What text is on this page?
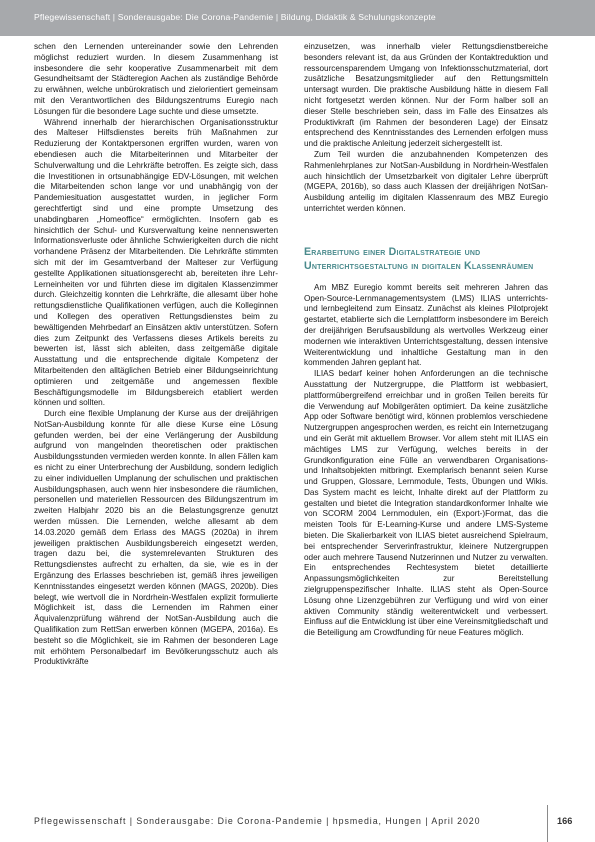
Pflegewissenschaft | Sonderausgabe: Die Corona-Pandemie | Bildung, Didaktik & Schulungskonzepte

schen den Lernenden untereinander sowie den Lehrenden möglichst reduziert wurden. In diesem Zusammenhang ist insbesondere die sehr kooperative Zusammenarbeit mit dem Gesundheitsamt der Städteregion Aachen als zuständige Behörde zu erwähnen, welche unbürokratisch und zielorientiert gemeinsam mit den Verantwortlichen des Bildungszentrums Euregio nach Lösungen für die besondere Lage suchte und diese umsetzte.

Während innerhalb der hierarchischen Organisationsstruktur des Malteser Hilfsdienstes bereits früh Maßnahmen zur Reduzierung der Kontaktpersonen ergriffen wurden, waren von ebendiesen auch die Mitarbeiterinnen und Mitarbeiter der Schulverwaltung und die Lehrkräfte betroffen. Es zeigte sich, dass die Investitionen in ortsunabhängige EDV-Lösungen, mit welchen die Mitarbeitenden schon lange vor und unabhängig von der Pandemiesituation ausgestattet wurden, in jeglicher Form gerechtfertigt sind und eine prompte Umsetzung des unabdingbaren „Homeoffice“ ermöglichten. Insofern gab es hinsichtlich der Schul- und Kursverwaltung keine nennenswerten Informationsverluste oder ähnliche Schwierigkeiten durch die nicht vorhandene Präsenz der Mitarbeitenden. Die Lehrkräfte stimmten sich mit der im Gesamtverband der Malteser zur Verfügung gestellte Applikationen situationsgerecht ab, bereiteten ihre Lehr-Lerneinheiten vor und führten diese im digitalen Klassenzimmer durch. Gleichzeitig konnten die Lehrkräfte, die allesamt über hohe rettungsdienstliche Qualifikationen verfügen, auch die Kolleginnen und Kollegen des operativen Rettungsdienstes beim zu bewältigenden Mehrbedarf an Einsätzen aktiv unterstützen. Sofern dies zum Zeitpunkt des Verfassens dieses Artikels bereits zu bewerten ist, lässt sich ableiten, dass zeitgemäße digitale Ausstattung und die entsprechende digitale Kompetenz der Mitarbeitenden den alltäglichen Betrieb einer Bildungseinrichtung optimieren und zeitgemäße und angemessen flexible Beschäftigungsmodelle im Bildungsbereich etabliert werden können und sollten.

Durch eine flexible Umplanung der Kurse aus der dreijährigen NotSan-Ausbildung konnte für alle diese Kurse eine Lösung gefunden werden, bei der eine Verlängerung der Ausbildung aufgrund von mangelnden theoretischen oder praktischen Ausbildungsstunden vermieden werden konnte. In allen Fällen kam es nicht zu einer Unterbrechung der Ausbildung, sondern lediglich zu einer individuellen Umplanung der schulischen und praktischen Ausbildungsphasen, auch wenn hier insbesondere die räumlichen, personellen und materiellen Ressourcen des Bildungszentrum im zweiten Halbjahr 2020 bis an die Belastungsgrenze genutzt werden müssen. Die Lernenden, welche allesamt ab dem 14.03.2020 gemäß dem Erlass des MAGS (2020a) in ihrem jeweiligen praktischen Ausbildungsbereich eingesetzt werden, tragen dazu bei, die systemrelevanten Strukturen des Rettungsdienstes aufrecht zu erhalten, da sie, wie es in der Ergänzung des Erlasses beschrieben ist, gemäß ihres jeweiligen Kenntnisstandes eingesetzt werden können (MAGS, 2020b). Dies belegt, wie wertvoll die in Nordrhein-Westfalen explizit formulierte Möglichkeit ist, dass die Lernenden im Rahmen einer Äquivalenzprüfung während der NotSan-Ausbildung auch die Qualifikation zum RettSan erwerben können (MGEPA, 2016a). Es besteht so die Möglichkeit, sie im Rahmen der besonderen Lage mit erhöhtem Personalbedarf im Bevölkerungsschutz auch als Produktivkräfte

einzusetzen, was innerhalb vieler Rettungsdienstbereiche besonders relevant ist, da aus Gründen der Kontaktreduktion und ressourcensparendem Umgang von Infektionsschutzmaterial, dort zusätzliche Besatzungsmitglieder auf den Rettungsmitteln untersagt wurden. Die praktische Ausbildung hätte in diesem Fall nicht fortgesetzt werden können. Nur der Form halber soll an dieser Stelle beschrieben sein, dass im Falle des Einsatzes als Produktivkraft (im Rahmen der besonderen Lage) der Einsatz entsprechend des Kenntnisstandes des Lernenden erfolgen muss und die praktische Anleitung jederzeit sichergestellt ist.

Zum Teil wurden die anzubahnenden Kompetenzen des Rahmenlehrplanes zur NotSan-Ausbildung in Nordrhein-Westfalen auch hinsichtlich der Umsetzbarkeit von digitaler Lehre überprüft (MGEPA, 2016b), so dass auch Klassen der dreijährigen NotSan-Ausbildung anteilig im digitalen Klassenraum des MBZ Euregio unterrichtet werden können.

Erarbeitung einer Digitalstrategie und Unterrichtsgestaltung in digitalen Klassenräumen

Am MBZ Euregio kommt bereits seit mehreren Jahren das Open-Source-Lernmanagementsystem (LMS) ILIAS unterrichts- und lernbegleitend zum Einsatz. Zunächst als kleines Pilotprojekt gestartet, etablierte sich die Lernplattform insbesondere im Bereich der dreijährigen Berufsausbildung als wertvolles Werkzeug einer modernen wie interaktiven Unterrichtsgestaltung, dessen intensive Weiterentwicklung und inhaltliche Gestaltung man in den kommenden Jahren geplant hat.

ILIAS bedarf keiner hohen Anforderungen an die technische Ausstattung der Nutzergruppe, die Plattform ist webbasiert, plattformübergreifend erreichbar und in großen Teilen bereits für die Verwendung auf Mobilgeräten optimiert. Da keine zusätzliche App oder Software benötigt wird, können problemlos verschiedene Nutzergruppen angesprochen werden, es reicht ein Internetzugang und ein Gerät mit aktuellem Browser. Vor allem steht mit ILIAS ein mächtiges LMS zur Verfügung, welches bereits in der Grundkonfiguration eine Fülle an verwendbaren Organisations- und Inhaltsobjekten mitbringt. Exemplarisch benannt seien Kurse und Gruppen, Glossare, Lernmodule, Tests, Übungen und Wikis. Das System macht es leicht, Inhalte direkt auf der Plattform zu gestalten und bietet die Integration standardkonformer Inhalte wie von SCORM 2004 Lernmodulen, ein (Export-)Format, das die meisten Tools für E-Learning-Kurse und andere LMS-Systeme bieten. Die Skalierbarkeit von ILIAS bietet ausreichend Spielraum, bei entsprechender Serverinfrastruktur, kleinere Nutzergruppen oder auch mehrere Tausend Nutzerinnen und Nutzer zu verwalten. Ein entsprechendes Rechtesystem bietet detaillierte Anpassungsmöglichkeiten zur Bereitstellung zielgruppenspezifischer Inhalte. ILIAS steht als Open-Source Lösung ohne Lizenzgebühren zur Verfügung und wird von einer aktiven Community ständig weiterentwickelt und verbessert. Einfluss auf die Entwicklung ist über eine Vereinsmitgliedschaft und die Beteiligung am Crowdfunding für neue Features möglich.

Pflegewissenschaft | Sonderausgabe: Die Corona-Pandemie | hpsmedia, Hungen | April 2020	166
